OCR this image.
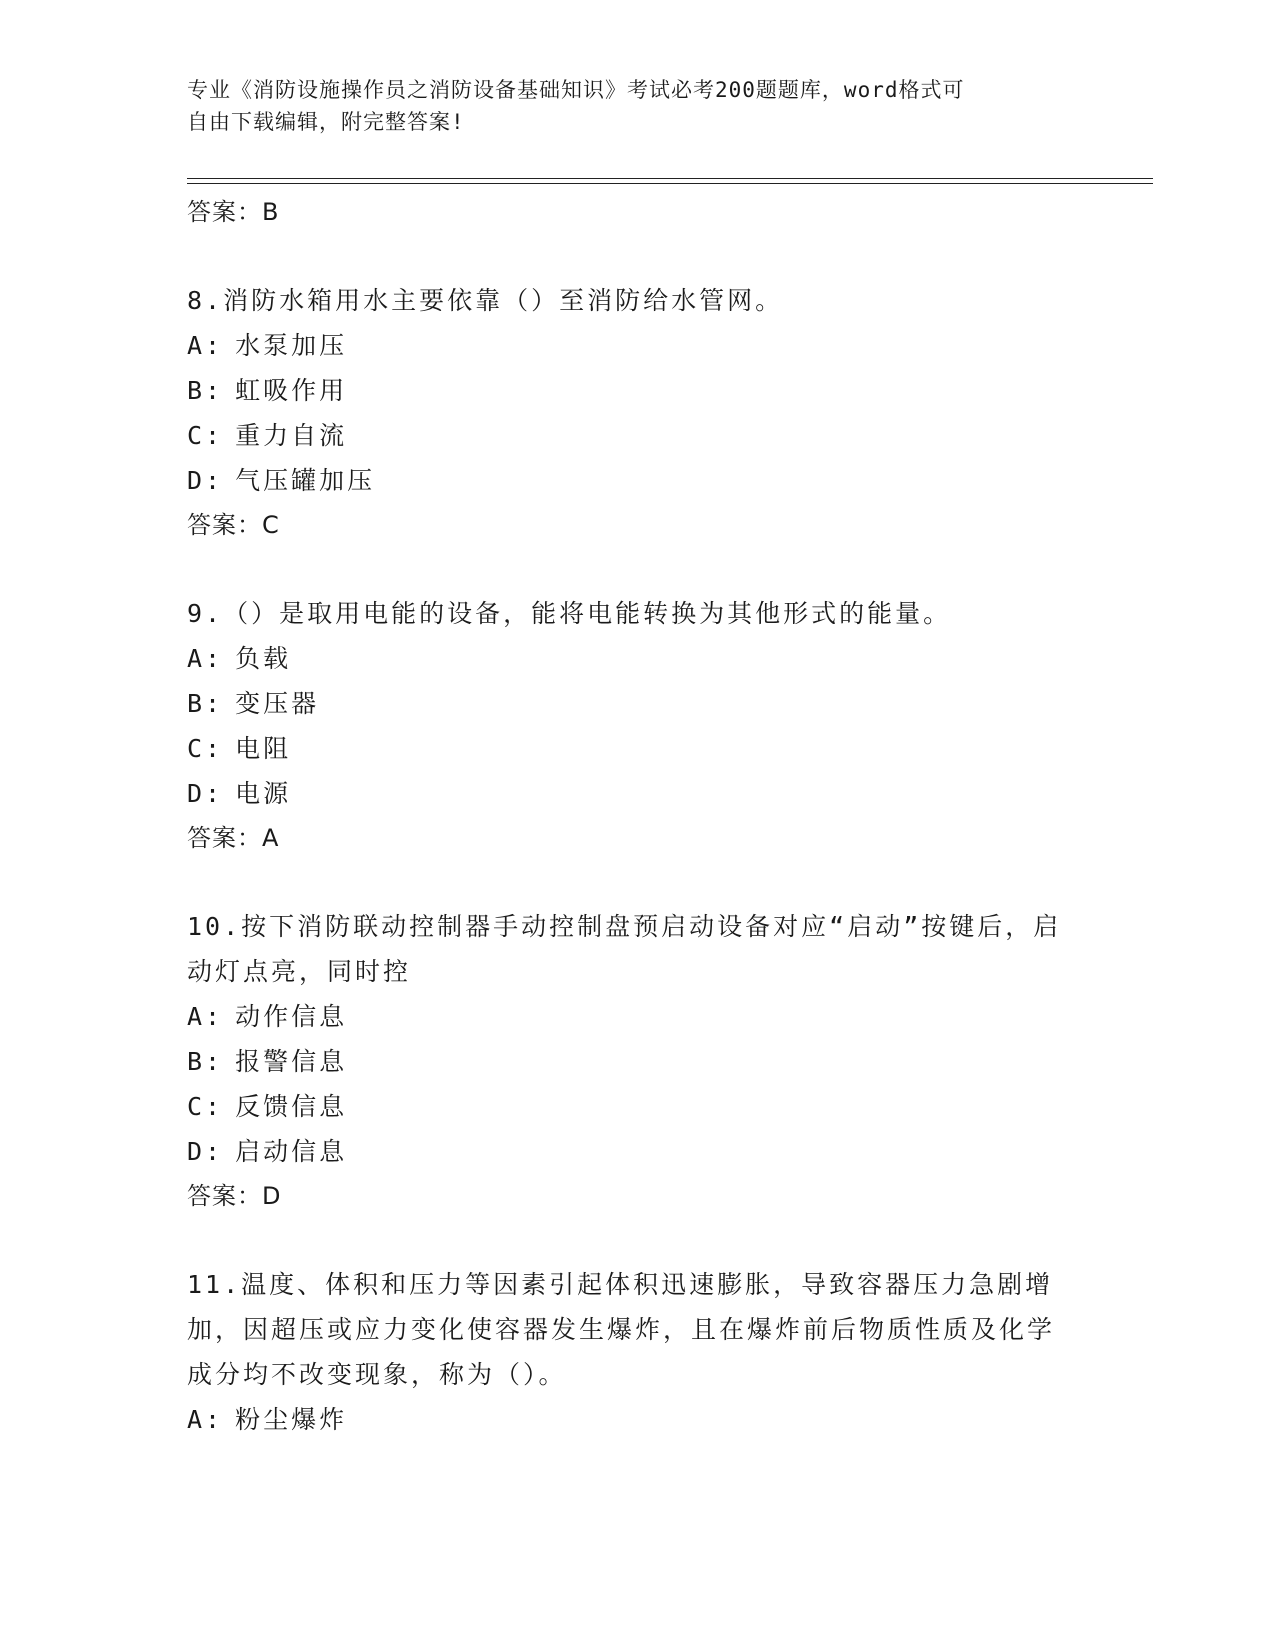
专业《消防设施操作员之消防设备基础知识》考试必考200题题库，word格式可
自由下载编辑，附完整答案!
答案：B
8.消防水箱用水主要依靠（）至消防给水管网。
A: 水泵加压
B: 虹吸作用
C: 重力自流
D: 气压罐加压
答案：C
9.（）是取用电能的设备，能将电能转换为其他形式的能量。
A: 负载
B: 变压器
C: 电阻
D: 电源
答案：A
10.按下消防联动控制器手动控制盘预启动设备对应“启动”按键后，启动灯点亮，同时控
A: 动作信息
B: 报警信息
C: 反馈信息
D: 启动信息
答案：D
11.温度、体积和压力等因素引起体积迅速膨胀，导致容器压力急剧增加，因超压或应力变化使容器发生爆炸，且在爆炸前后物质性质及化学成分均不改变现象，称为（）。
A: 粉尘爆炸
